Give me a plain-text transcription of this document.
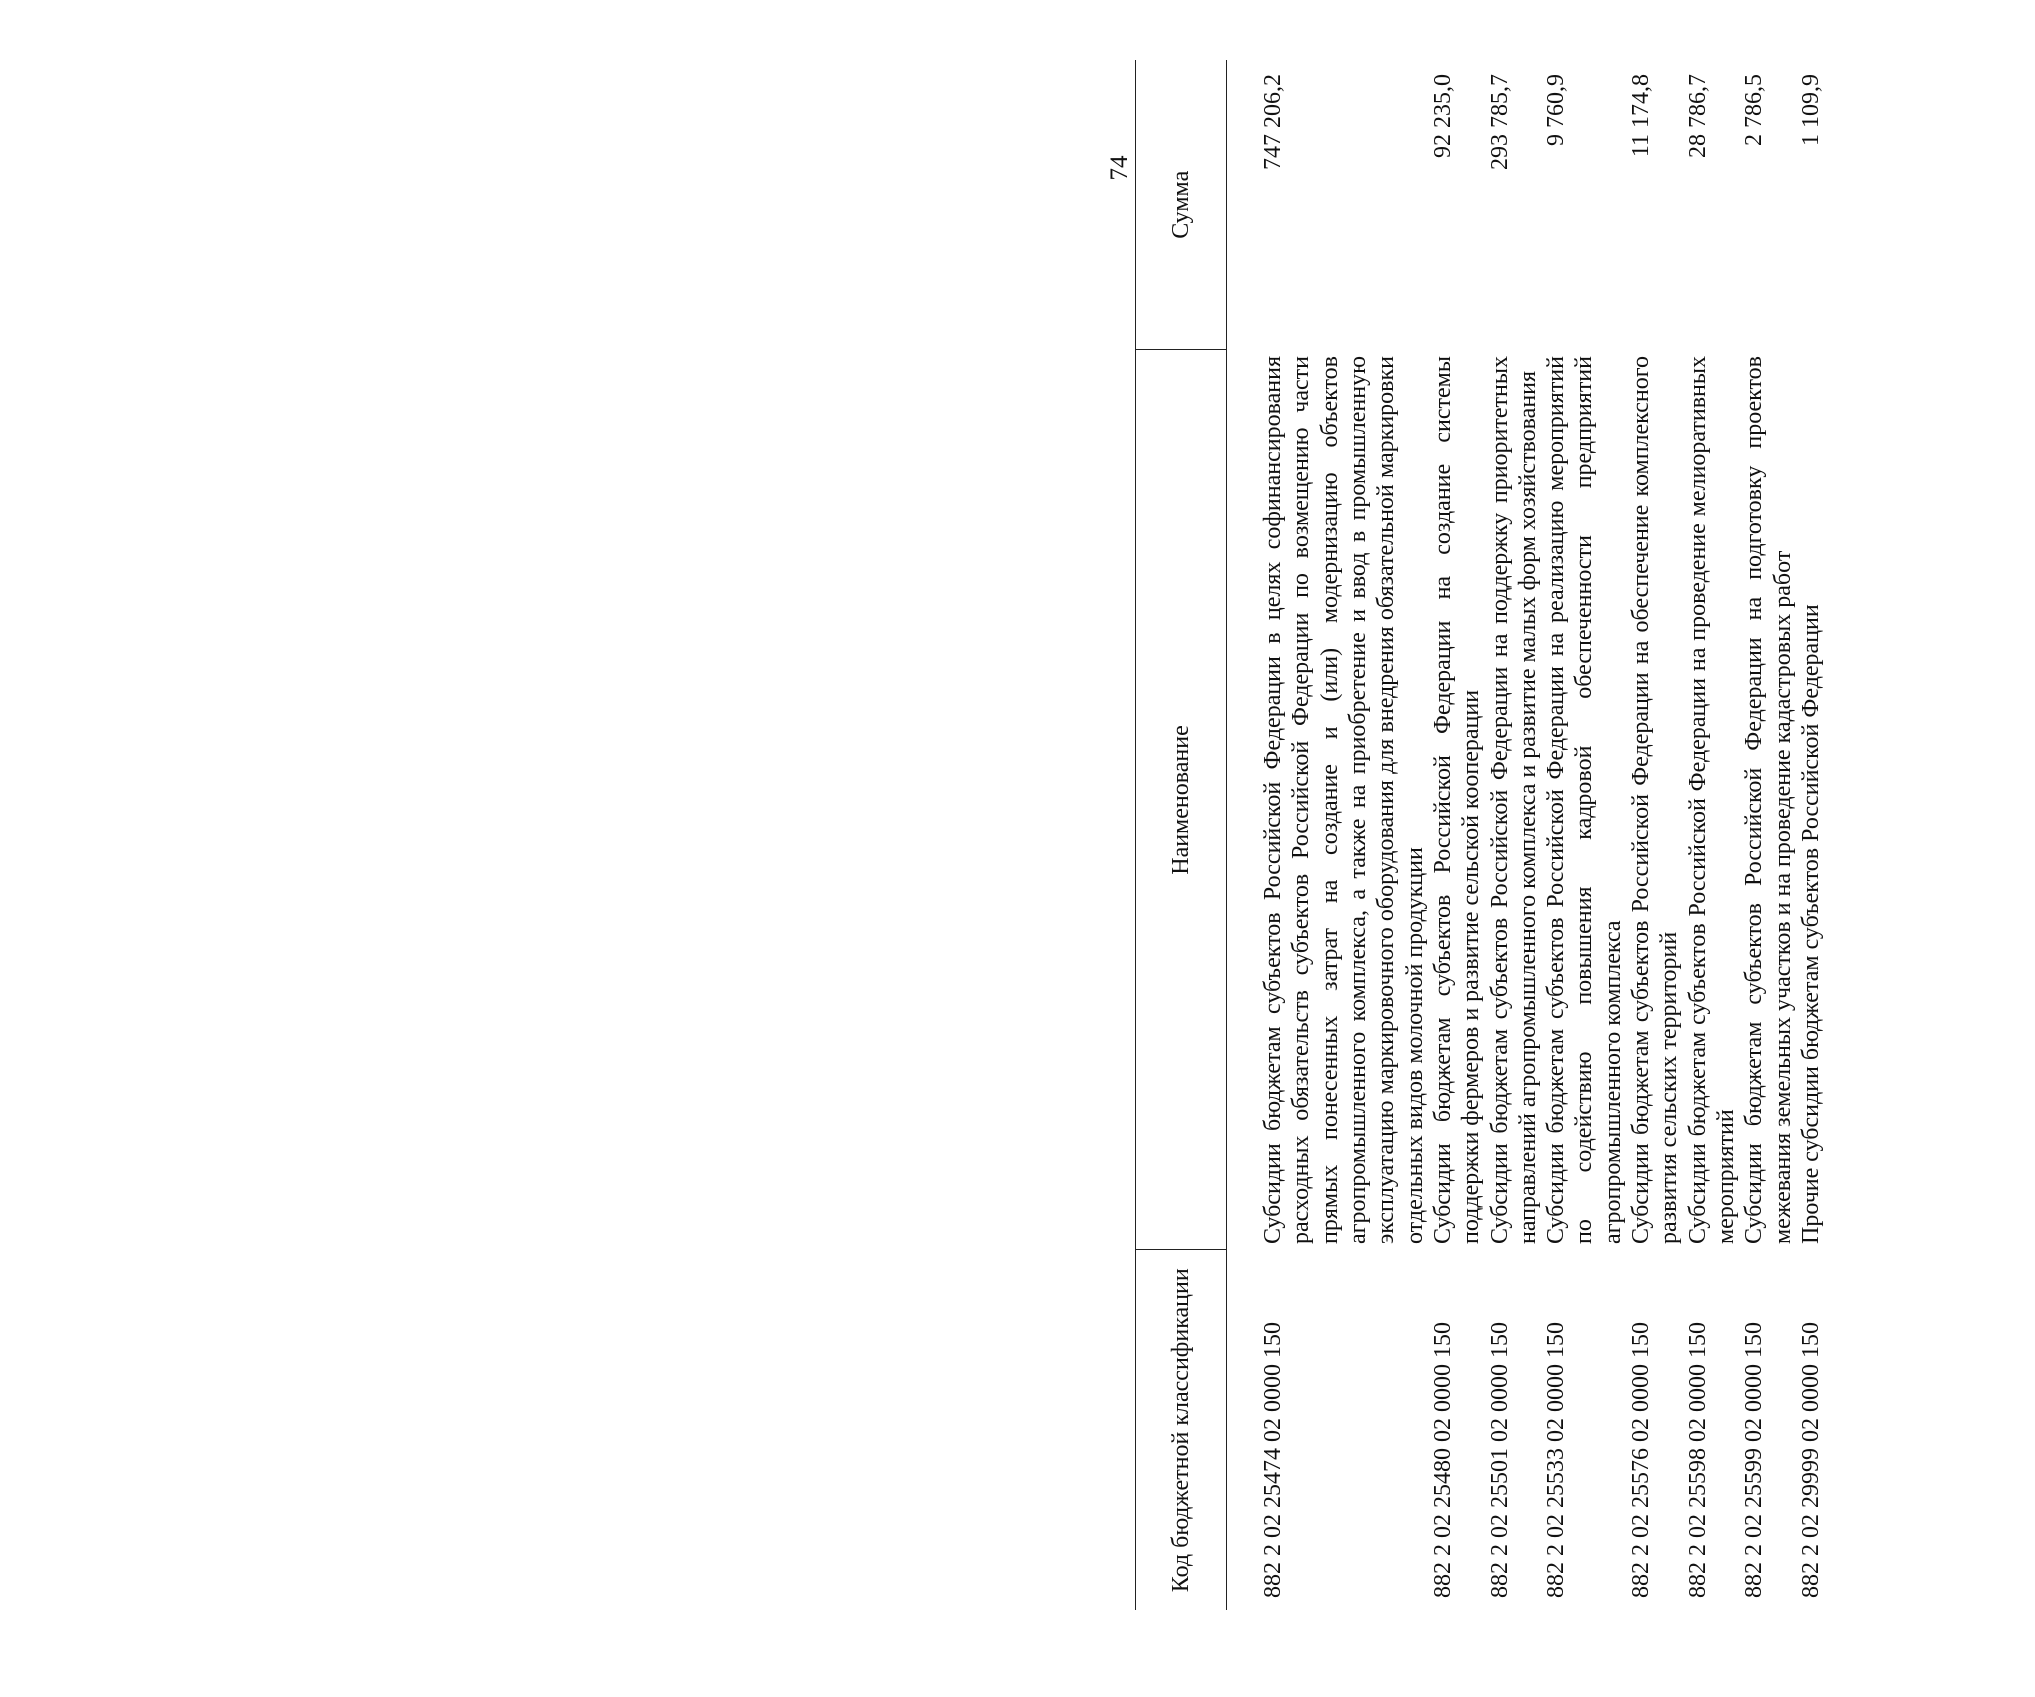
74
Код бюджетной классификации	Наименование	Сумма
882 2 02 25474 02 0000 150	Субсидии бюджетам субъектов Российской Федерации в целях софинансирования расходных обязательств субъектов Российской Федерации по возмещению части прямых понесенных затрат на создание и (или) модернизацию объектов агропромышленного комплекса, а также на приобретение и ввод в промышленную эксплуатацию маркировочного оборудования для внедрения обязательной маркировки отдельных видов молочной продукции	747 206,2
882 2 02 25480 02 0000 150	Субсидии бюджетам субъектов Российской Федерации на создание системы поддержки фермеров и развитие сельской кооперации	92 235,0
882 2 02 25501 02 0000 150	Субсидии бюджетам субъектов Российской Федерации на поддержку приоритетных направлений агропромышленного комплекса и развитие малых форм хозяйствования	293 785,7
882 2 02 25533 02 0000 150	Субсидии бюджетам субъектов Российской Федерации на реализацию мероприятий по содействию повышения кадровой обеспеченности предприятий агропромышленного комплекса	9 760,9
882 2 02 25576 02 0000 150	Субсидии бюджетам субъектов Российской Федерации на обеспечение комплексного развития сельских территорий	11 174,8
882 2 02 25598 02 0000 150	Субсидии бюджетам субъектов Российской Федерации на проведение мелиоративных мероприятий	28 786,7
882 2 02 25599 02 0000 150	Субсидии бюджетам субъектов Российской Федерации на подготовку проектов межевания земельных участков и на проведение кадастровых работ	2 786,5
882 2 02 29999 02 0000 150	Прочие субсидии бюджетам субъектов Российской Федерации	1 109,9
